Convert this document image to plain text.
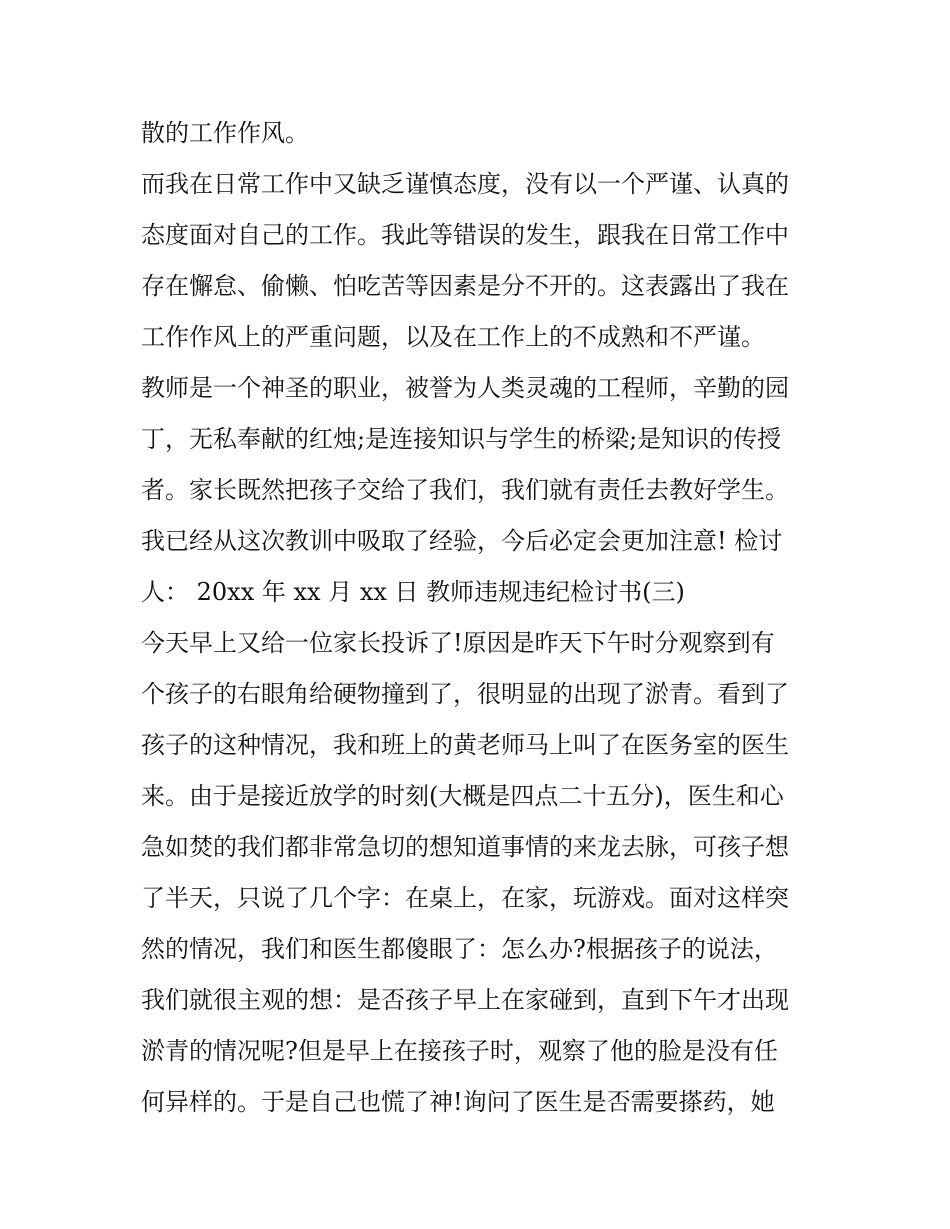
散的工作作风。
而我在日常工作中又缺乏谨慎态度，没有以一个严谨、认真的
态度面对自己的工作。我此等错误的发生，跟我在日常工作中
存在懈怠、偷懒、怕吃苦等因素是分不开的。这表露出了我在
工作作风上的严重问题，以及在工作上的不成熟和不严谨。
教师是一个神圣的职业，被誉为人类灵魂的工程师，辛勤的园
丁，无私奉献的红烛;是连接知识与学生的桥梁;是知识的传授
者。家长既然把孩子交给了我们，我们就有责任去教好学生。
我已经从这次教训中吸取了经验，今后必定会更加注意! 检讨
人： 20xx 年 xx 月 xx 日 教师违规违纪检讨书(三)
今天早上又给一位家长投诉了!原因是昨天下午时分观察到有
个孩子的右眼角给硬物撞到了，很明显的出现了淤青。看到了
孩子的这种情况，我和班上的黄老师马上叫了在医务室的医生
来。由于是接近放学的时刻(大概是四点二十五分)，医生和心
急如焚的我们都非常急切的想知道事情的来龙去脉，可孩子想
了半天，只说了几个字：在桌上，在家，玩游戏。面对这样突
然的情况，我们和医生都傻眼了：怎么办?根据孩子的说法，
我们就很主观的想：是否孩子早上在家碰到，直到下午才出现
淤青的情况呢?但是早上在接孩子时，观察了他的脸是没有任
何异样的。于是自己也慌了神!询问了医生是否需要搽药，她
